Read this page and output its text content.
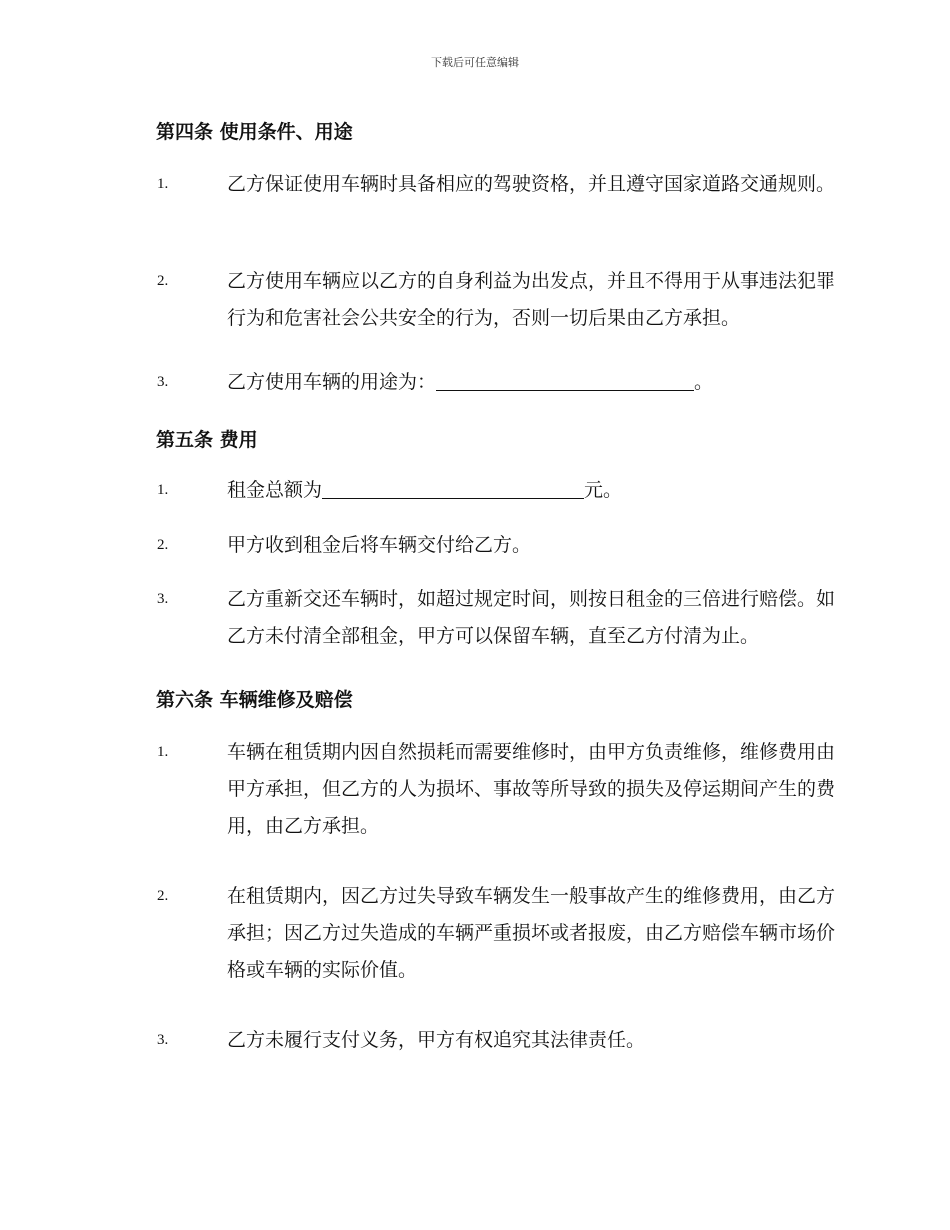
下载后可任意编辑
第四条 使用条件、用途
1.	乙方保证使用车辆时具备相应的驾驶资格，并且遵守国家道路交通规则。
2.	乙方使用车辆应以乙方的自身利益为出发点，并且不得用于从事违法犯罪行为和危害社会公共安全的行为，否则一切后果由乙方承担。
3.	乙方使用车辆的用途为：	。
第五条 费用
1.	租金总额为	元。
2.	甲方收到租金后将车辆交付给乙方。
3.	乙方重新交还车辆时，如超过规定时间，则按日租金的三倍进行赔偿。如乙方未付清全部租金，甲方可以保留车辆，直至乙方付清为止。
第六条 车辆维修及赔偿
1.	车辆在租赁期内因自然损耗而需要维修时，由甲方负责维修，维修费用由甲方承担，但乙方的人为损坏、事故等所导致的损失及停运期间产生的费用，由乙方承担。
2.	在租赁期内，因乙方过失导致车辆发生一般事故产生的维修费用，由乙方承担；因乙方过失造成的车辆严重损坏或者报废，由乙方赔偿车辆市场价格或车辆的实际价值。
3.	乙方未履行支付义务，甲方有权追究其法律责任。
